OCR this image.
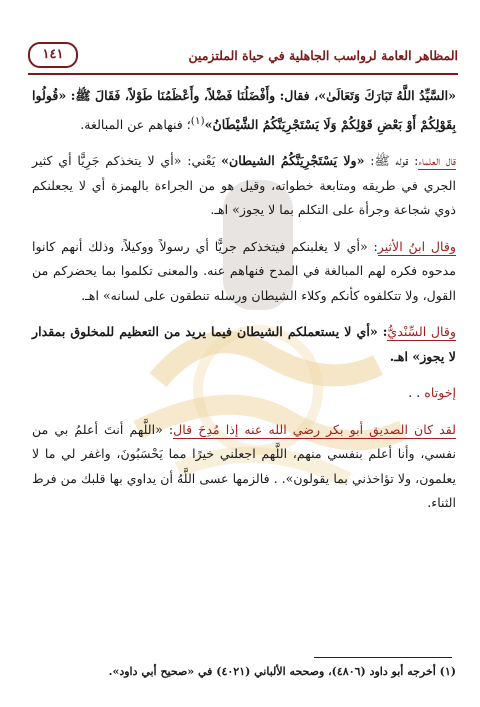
المظاهر العامة لرواسب الجاهلية في حياة الملتزمين
١٤١

«السَّيِّدُ اللَّهُ تَبَارَكَ وَتَعَالَىٰ»، فقال: وأَفْضَلُنَا فَضْلاً، وأَعْظَمُنَا طَوْلاً، فَقَالَ ﷺ: «قُولُوا بِقَوْلِكُمْ أَوْ بَعْضِ قَوْلِكُمْ وَلَا يَسْتَجْرِيَنَّكُمُ الشَّيْطَانُ»$^{(١)}$؛ فنهاهم عن المبالغة.

قال العلماء: قوله ﷺ: «ولا يَسْتَجْرِيَنَّكُمُ الشيطان» يَعْني: «أي لا يتخذكم جَرِيًّا أي كثير الجري في طريقه ومتابعة خطواته، وقيل هو من الجراءة بالهمزة أي لا يجعلنكم ذوي شجاعة وجرأة على التكلم بما لا يجوز» اهـ.

وقال ابنُ الأثير: «أي لا يغلبنكم فيتخذكم جريًّا أي رسولاً ووكيلاً، وذلك أنهم كانوا مدحوه فكره لهم المبالغة في المدح فنهاهم عنه. والمعنى تكلموا بما يحضركم من القول، ولا تتكلفوه كأنكم وكلاء الشيطان ورسله تنطقون على لسانه» اهـ.

وقال السِّنْديُّ: «أي لا يستعملكم الشيطان فيما يريد من التعظيم للمخلوق بمقدار لا يجوز» اهـ.

إخوتاه . .

لقد كان الصديق أبو بكر رضي الله عنه إذا مُدِحَ قال: «اللَّهم أنتَ أعلمُ بي من نفسي، وأنا أعلم بنفسي منهم، اللَّهم اجعلني خيرًا مما يَحْسَبُونَ، واغفر لي ما لا يعلمون، ولا تؤاخذني بما يقولون». . فالزمها عسى اللَّهُ أن يداوي بها قلبك من فرط الثناء.

(١) أخرجه أبو داود (٤٨٠٦)، وصححه الألباني (٤٠٢١) في «صحيح أبي داود».
